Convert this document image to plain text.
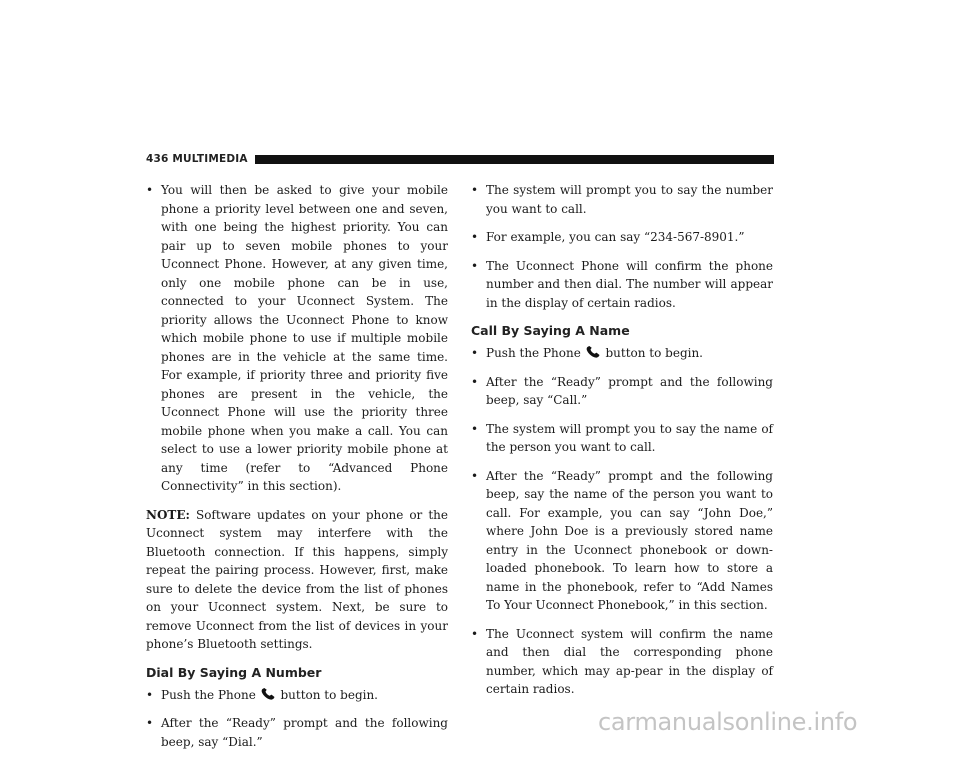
436 MULTIMEDIA
• You will then be asked to give your mobile phone a priority level between one and seven, with one being the highest priority. You can pair up to seven mobile phones to your Uconnect Phone. However, at any given time, only one mobile phone can be in use, connected to your Uconnect System. The priority allows the Uconnect Phone to know which mobile phone to use if multiple mobile phones are in the vehicle at the same time. For example, if priority three and priority five phones are present in the vehicle, the Uconnect Phone will use the priority three mobile phone when you make a call. You can select to use a lower priority mobile phone at any time (refer to “Advanced Phone Connectivity” in this section).

NOTE: Software updates on your phone or the Uconnect system may interfere with the Bluetooth connection. If this happens, simply repeat the pairing process. However, first, make sure to delete the device from the list of phones on your Uconnect system. Next, be sure to remove Uconnect from the list of devices in your phone’s Bluetooth settings.

Dial By Saying A Number
• Push the Phone
button to begin.
• After the “Ready” prompt and the following beep, say “Dial.”
• The system will prompt you to say the number you want to call.
• For example, you can say “234-567-8901.”
• The Uconnect Phone will confirm the phone number and then dial. The number will appear in the display of certain radios.
Call By Saying A Name
• Push the Phone
button to begin.
• After the “Ready” prompt and the following beep, say “Call.”
• The system will prompt you to say the name of the person you want to call.
• After the “Ready” prompt and the following beep, say the name of the person you want to call. For example, you can say “John Doe,” where John Doe is a previously stored name entry in the Uconnect phonebook or down-loaded phonebook. To learn how to store a name in the phonebook, refer to “Add Names To Your Uconnect Phonebook,” in this section.
• The Uconnect system will confirm the name and then dial the corresponding phone number, which may ap-pear in the display of certain radios.
carmanualsonline.info
